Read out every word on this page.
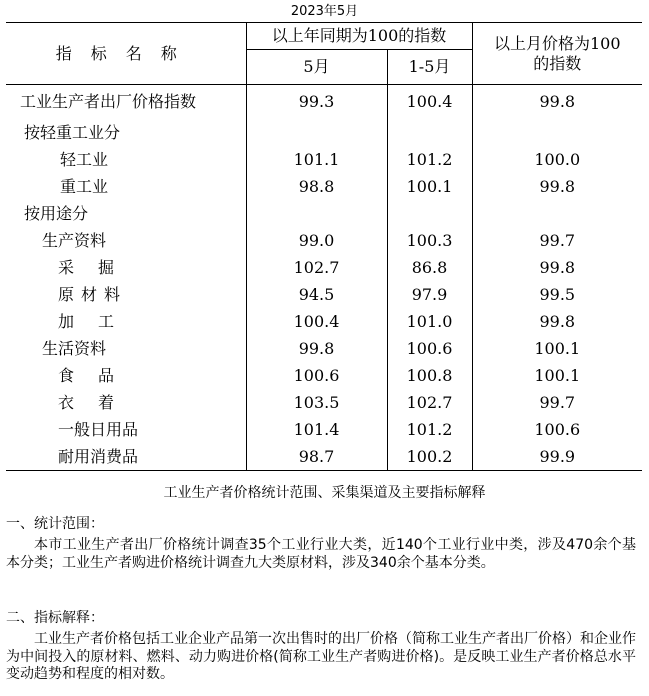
2023年5月
指标名称	以上年同期为100的指数		以上月价格为100的指数
	5月	1-5月	
工业生产者出厂价格指数	99.3	100.4	99.8
按轻重工业分			
轻工业	101.1	101.2	100.0
重工业	98.8	100.1	99.8
按用途分			
生产资料	99.0	100.3	99.7
采掘	102.7	86.8	99.8
原材料	94.5	97.9	99.5
加工	100.4	101.0	99.8
生活资料	99.8	100.6	100.1
食品	100.6	100.8	100.1
衣着	103.5	102.7	99.7
一般日用品	101.4	101.2	100.6
耐用消费品	98.7	100.2	99.9
工业生产者价格统计范围、采集渠道及主要指标解释
一、统计范围：
本市工业生产者出厂价格统计调查35个工业行业大类，近140个工业行业中类，涉及470余个基本分类；工业生产者购进价格统计调查九大类原材料，涉及340余个基本分类。
二、指标解释：
工业生产者价格包括工业企业产品第一次出售时的出厂价格（简称工业生产者出厂价格）和企业作为中间投入的原材料、燃料、动力购进价格(简称工业生产者购进价格)。是反映工业生产者价格总水平变动趋势和程度的相对数。
